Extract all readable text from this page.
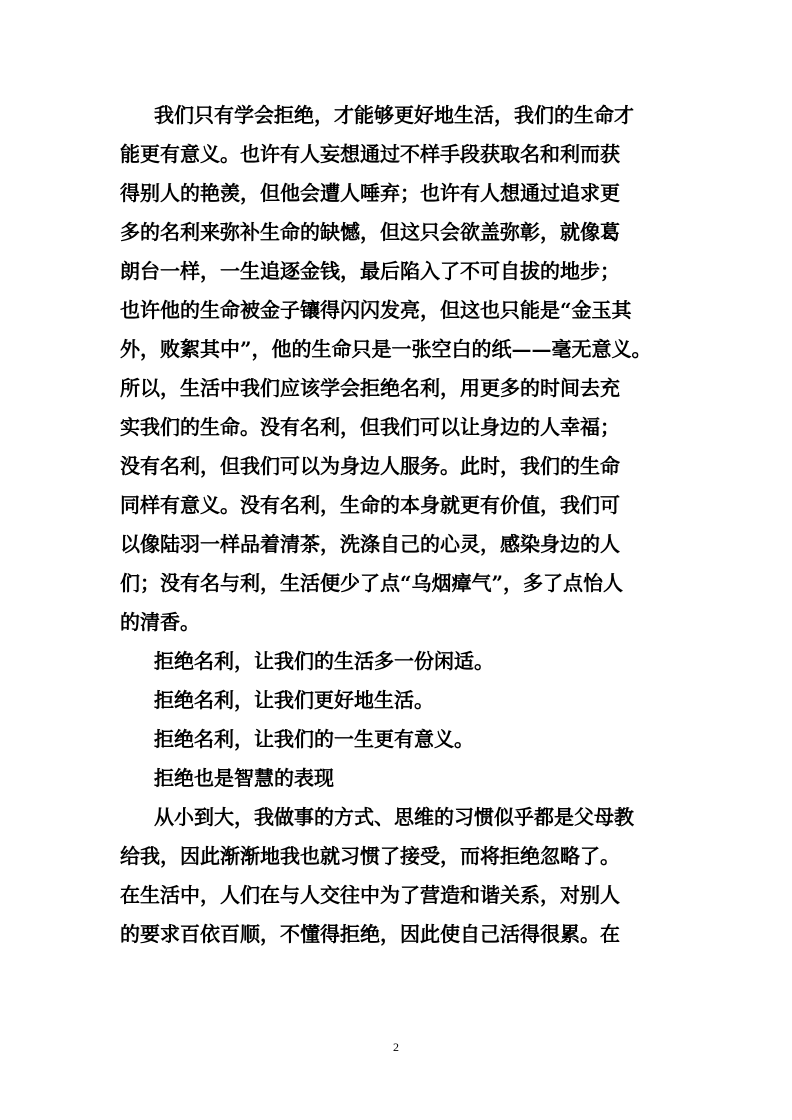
我们只有学会拒绝，才能够更好地生活，我们的生命才
能更有意义。也许有人妄想通过不样手段获取名和利而获
得别人的艳羡，但他会遭人唾弃；也许有人想通过追求更
多的名利来弥补生命的缺憾，但这只会欲盖弥彰，就像葛
朗台一样，一生追逐金钱，最后陷入了不可自拔的地步；
也许他的生命被金子镶得闪闪发亮，但这也只能是“金玉其
外，败絮其中”，他的生命只是一张空白的纸——毫无意义。
所以，生活中我们应该学会拒绝名利，用更多的时间去充
实我们的生命。没有名利，但我们可以让身边的人幸福；
没有名利，但我们可以为身边人服务。此时，我们的生命
同样有意义。没有名利，生命的本身就更有价值，我们可
以像陆羽一样品着清茶，洗涤自己的心灵，感染身边的人
们；没有名与利，生活便少了点“乌烟瘴气”，多了点怡人
的清香。
拒绝名利，让我们的生活多一份闲适。
拒绝名利，让我们更好地生活。
拒绝名利，让我们的一生更有意义。
拒绝也是智慧的表现
从小到大，我做事的方式、思维的习惯似乎都是父母教
给我，因此渐渐地我也就习惯了接受，而将拒绝忽略了。
在生活中，人们在与人交往中为了营造和谐关系，对别人
的要求百依百顺，不懂得拒绝，因此使自己活得很累。在
2
